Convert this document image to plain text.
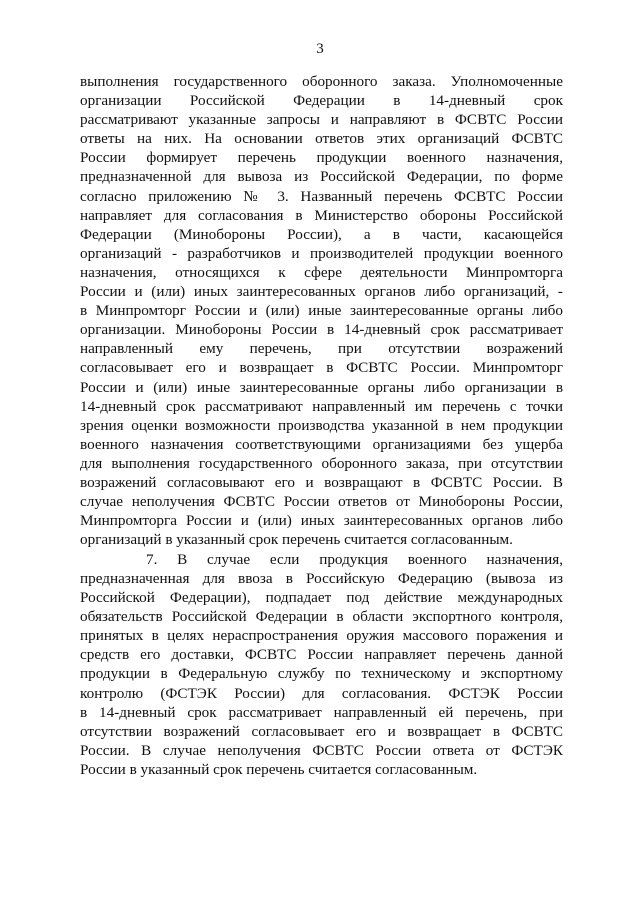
3
выполнения государственного оборонного заказа. Уполномоченные
организации Российской Федерации в 14-дневный срок
рассматривают указанные запросы и направляют в ФСВТС России
ответы на них. На основании ответов этих организаций ФСВТС
России формирует перечень продукции военного назначения,
предназначенной для вывоза из Российской Федерации, по форме
согласно приложению № 3. Названный перечень ФСВТС России
направляет для согласования в Министерство обороны Российской
Федерации (Минобороны России), а в части, касающейся
организаций - разработчиков и производителей продукции военного
назначения, относящихся к сфере деятельности Минпромторга
России и (или) иных заинтересованных органов либо организаций, -
в Минпромторг России и (или) иные заинтересованные органы либо
организации. Минобороны России в 14-дневный срок рассматривает
направленный ему перечень, при отсутствии возражений
согласовывает его и возвращает в ФСВТС России. Минпромторг
России и (или) иные заинтересованные органы либо организации в
14-дневный срок рассматривают направленный им перечень с точки
зрения оценки возможности производства указанной в нем продукции
военного назначения соответствующими организациями без ущерба
для выполнения государственного оборонного заказа, при отсутствии
возражений согласовывают его и возвращают в ФСВТС России. В
случае неполучения ФСВТС России ответов от Минобороны России,
Минпромторга России и (или) иных заинтересованных органов либо
организаций в указанный срок перечень считается согласованным.
7. В случае если продукция военного назначения,
предназначенная для ввоза в Российскую Федерацию (вывоза из
Российской Федерации), подпадает под действие международных
обязательств Российской Федерации в области экспортного контроля,
принятых в целях нераспространения оружия массового поражения и
средств его доставки, ФСВТС России направляет перечень данной
продукции в Федеральную службу по техническому и экспортному
контролю (ФСТЭК России) для согласования. ФСТЭК России
в 14-дневный срок рассматривает направленный ей перечень, при
отсутствии возражений согласовывает его и возвращает в ФСВТС
России. В случае неполучения ФСВТС России ответа от ФСТЭК
России в указанный срок перечень считается согласованным.
